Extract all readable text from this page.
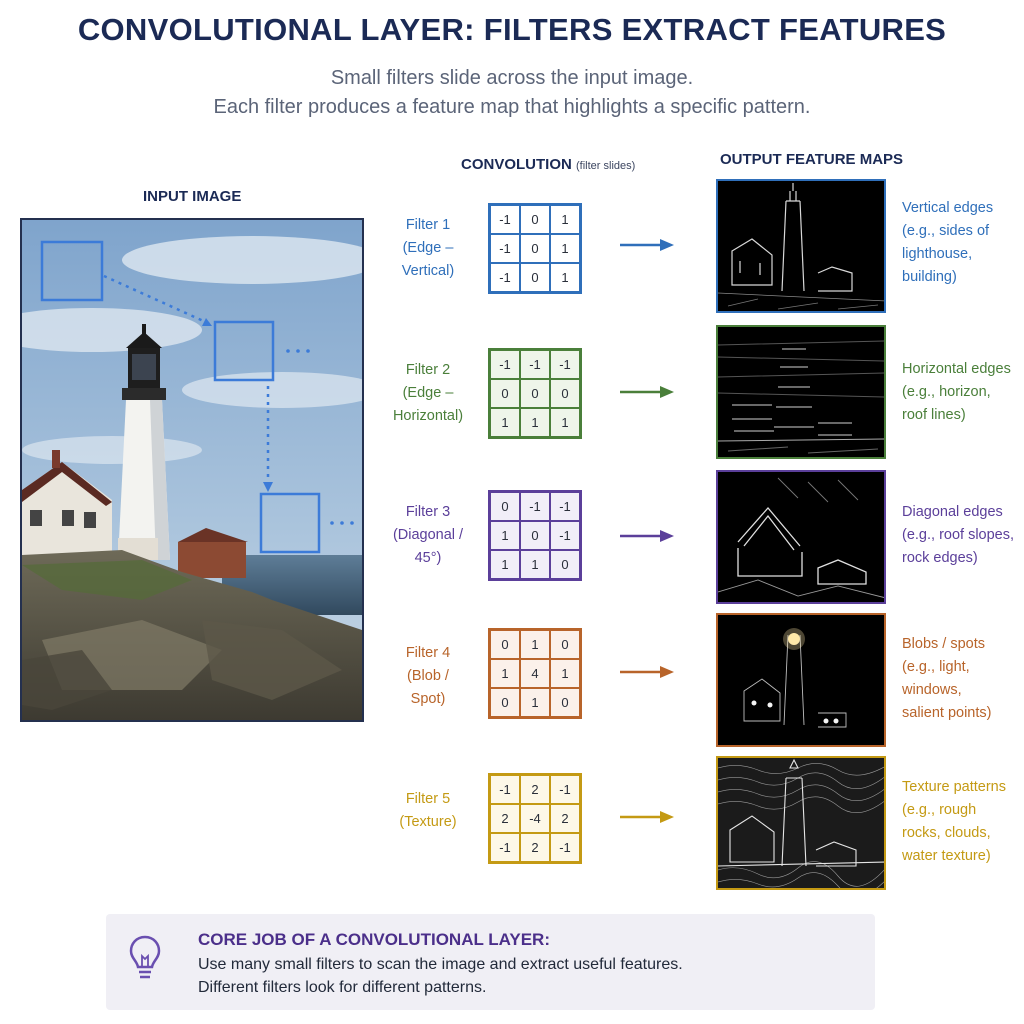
CONVOLUTIONAL LAYER: FILTERS EXTRACT FEATURES
Small filters slide across the input image.
Each filter produces a feature map that highlights a specific pattern.
INPUT IMAGE
CONVOLUTION (filter slides)	OUTPUT FEATURE MAPS
Filter 1
(Edge –
Vertical)
-1	0	1
-1	0	1
-1	0	1
Vertical edges
(e.g., sides of
lighthouse,
building)
Filter 2
(Edge –
Horizontal)
-1	-1	-1
0	0	0
1	1	1
Horizontal edges
(e.g., horizon,
roof lines)
Filter 3
(Diagonal /
45°)
0	-1	-1
1	0	-1
1	1	0
Diagonal edges
(e.g., roof slopes,
rock edges)
Filter 4
(Blob /
Spot)
0	1	0
1	4	1
0	1	0
Blobs / spots
(e.g., light,
windows,
salient points)
Filter 5
(Texture)
-1	2	-1
2	-4	2
-1	2	-1
Texture patterns
(e.g., rough
rocks, clouds,
water texture)
CORE JOB OF A CONVOLUTIONAL LAYER:
Use many small filters to scan the image and extract useful features.
Different filters look for different patterns.
